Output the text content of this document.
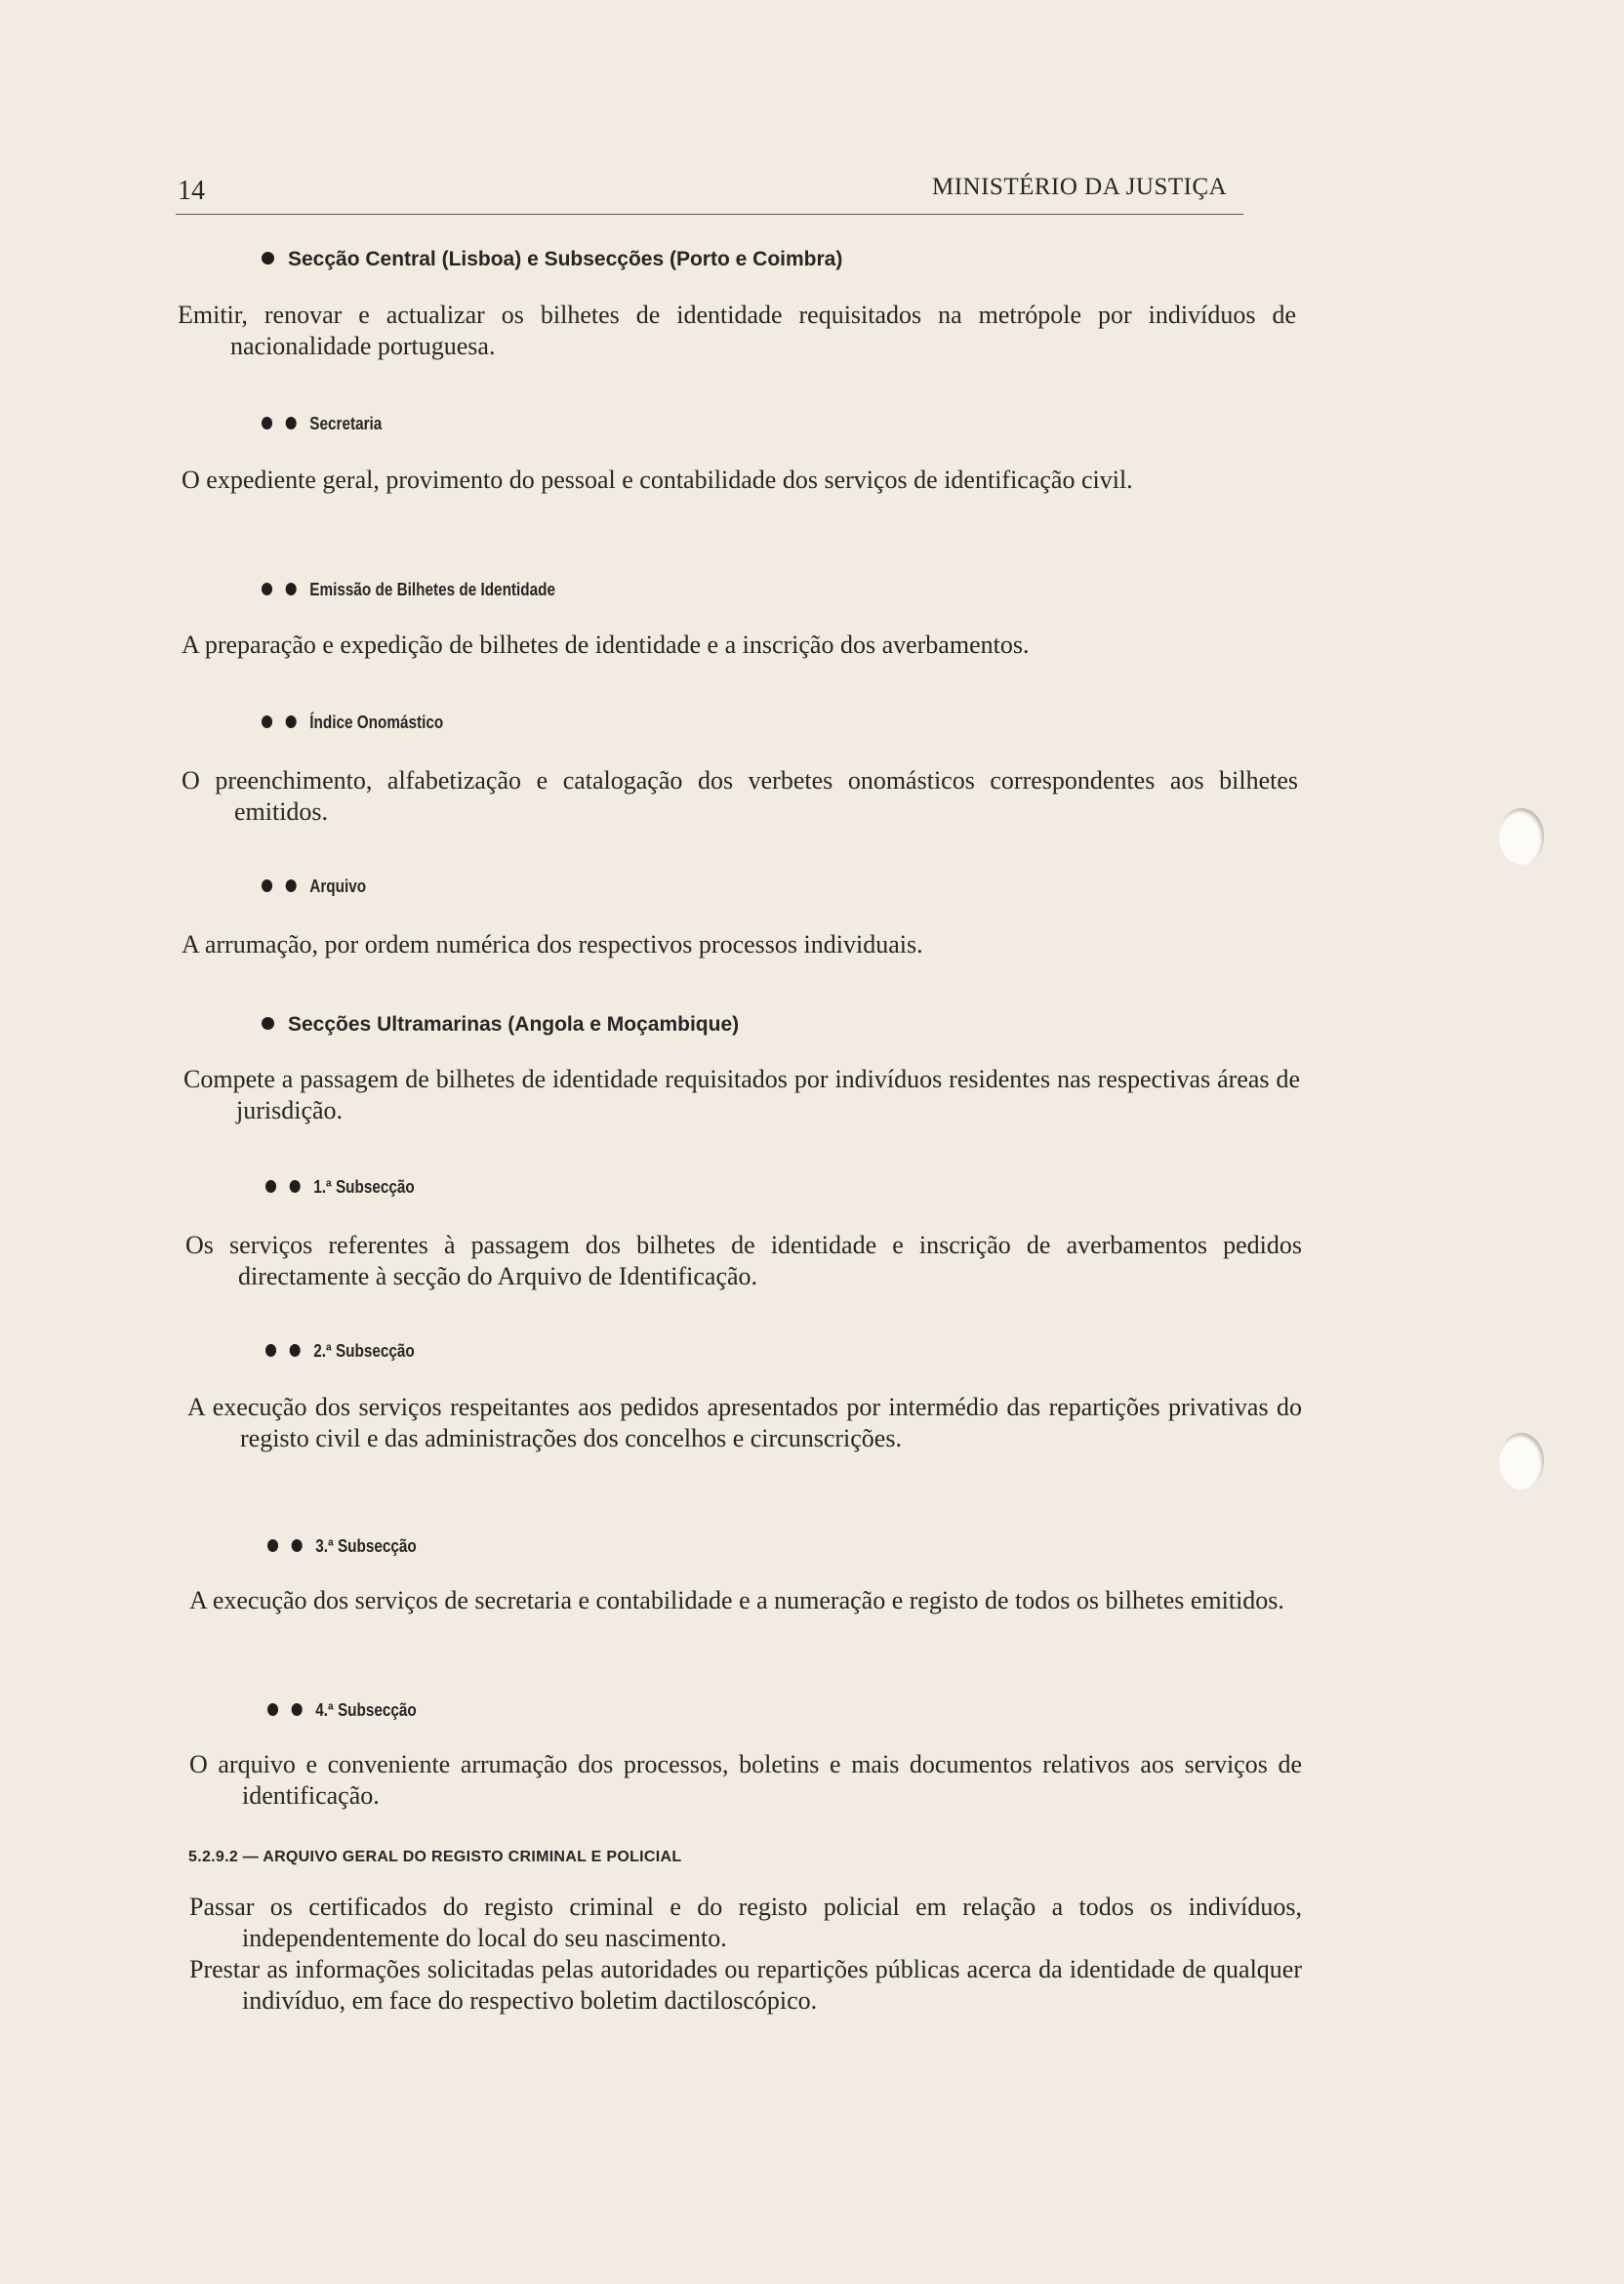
14	MINISTÉRIO DA JUSTIÇA
Secção Central (Lisboa) e Subsecções (Porto e Coimbra)
Emitir, renovar e actualizar os bilhetes de identidade requisitados na metrópole por indivíduos de nacionalidade portuguesa.
Secretaria
O expediente geral, provimento do pessoal e contabilidade dos serviços de identificação civil.
Emissão de Bilhetes de Identidade
A preparação e expedição de bilhetes de identidade e a inscrição dos averbamentos.
Índice Onomástico
O preenchimento, alfabetização e catalogação dos verbetes onomásticos correspondentes aos bilhetes emitidos.
Arquivo
A arrumação, por ordem numérica dos respectivos processos individuais.
Secções Ultramarinas (Angola e Moçambique)
Compete a passagem de bilhetes de identidade requisitados por indivíduos residentes nas respectivas áreas de jurisdição.
1.ª Subsecção
Os serviços referentes à passagem dos bilhetes de identidade e inscrição de averbamentos pedidos directamente à secção do Arquivo de Identificação.
2.ª Subsecção
A execução dos serviços respeitantes aos pedidos apresentados por intermédio das repartições privativas do registo civil e das administrações dos concelhos e circunscrições.
3.ª Subsecção
A execução dos serviços de secretaria e contabilidade e a numeração e registo de todos os bilhetes emitidos.
4.ª Subsecção
O arquivo e conveniente arrumação dos processos, boletins e mais documentos relativos aos serviços de identificação.
5.2.9.2 — ARQUIVO GERAL DO REGISTO CRIMINAL E POLICIAL
Passar os certificados do registo criminal e do registo policial em relação a todos os indivíduos, independentemente do local do seu nascimento.
Prestar as informações solicitadas pelas autoridades ou repartições públicas acerca da identidade de qualquer indivíduo, em face do respectivo boletim dactiloscópico.
